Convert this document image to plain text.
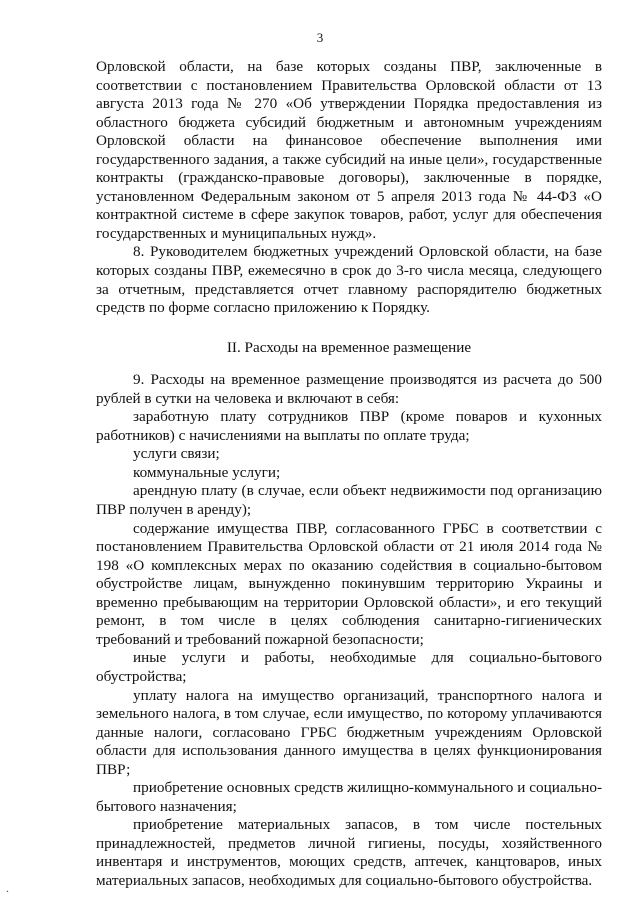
3

Орловской области, на базе которых созданы ПВР, заключенные в соответствии с постановлением Правительства Орловской области от 13 августа 2013 года № 270 «Об утверждении Порядка предоставления из областного бюджета субсидий бюджетным и автономным учреждениям Орловской области на финансовое обеспечение выполнения ими государственного задания, а также субсидий на иные цели», государственные контракты (гражданско-правовые договоры), заключенные в порядке, установленном Федеральным законом от 5 апреля 2013 года № 44-ФЗ «О контрактной системе в сфере закупок товаров, работ, услуг для обеспечения государственных и муниципальных нужд».

8. Руководителем бюджетных учреждений Орловской области, на базе которых созданы ПВР, ежемесячно в срок до 3-го числа месяца, следующего за отчетным, представляется отчет главному распорядителю бюджетных средств по форме согласно приложению к Порядку.

II. Расходы на временное размещение

9. Расходы на временное размещение производятся из расчета до 500 рублей в сутки на человека и включают в себя:

заработную плату сотрудников ПВР (кроме поваров и кухонных работников) с начислениями на выплаты по оплате труда;

услуги связи;

коммунальные услуги;

арендную плату (в случае, если объект недвижимости под организацию ПВР получен в аренду);

содержание имущества ПВР, согласованного ГРБС в соответствии с постановлением Правительства Орловской области от 21 июля 2014 года № 198 «О комплексных мерах по оказанию содействия в социально-бытовом обустройстве лицам, вынужденно покинувшим территорию Украины и временно пребывающим на территории Орловской области», и его текущий ремонт, в том числе в целях соблюдения санитарно-гигиенических требований и требований пожарной безопасности;

иные услуги и работы, необходимые для социально-бытового обустройства;

уплату налога на имущество организаций, транспортного налога и земельного налога, в том случае, если имущество, по которому уплачиваются данные налоги, согласовано ГРБС бюджетным учреждениям Орловской области для использования данного имущества в целях функционирования ПВР;

приобретение основных средств жилищно-коммунального и социально-бытового назначения;

приобретение материальных запасов, в том числе постельных принадлежностей, предметов личной гигиены, посуды, хозяйственного инвентаря и инструментов, моющих средств, аптечек, канцтоваров, иных материальных запасов, необходимых для социально-бытового обустройства.

.
